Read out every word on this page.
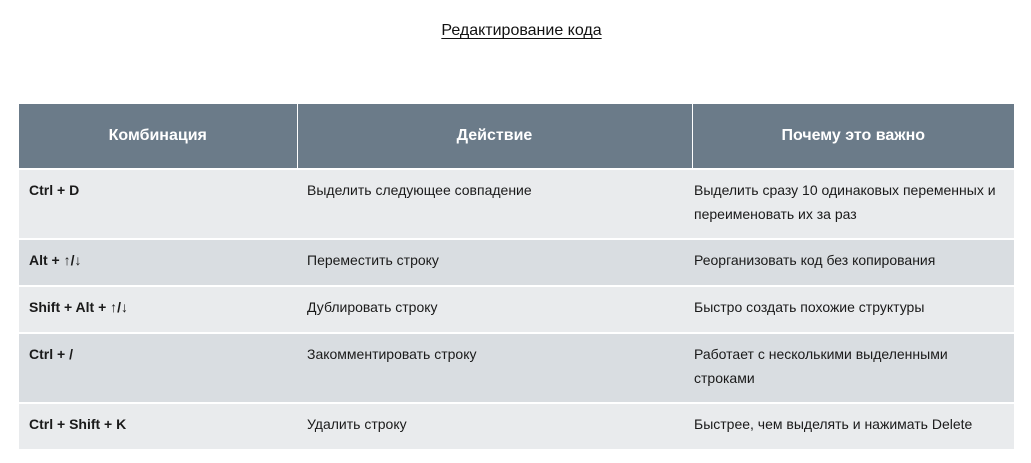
Редактирование кода
Комбинация	Действие	Почему это важно
Ctrl + D	Выделить следующее совпадение	Выделить сразу 10 одинаковых переменных и переименовать их за раз
Alt + ↑/↓	Переместить строку	Реорганизовать код без копирования
Shift + Alt + ↑/↓	Дублировать строку	Быстро создать похожие структуры
Ctrl + /	Закомментировать строку	Работает с несколькими выделенными строками
Ctrl + Shift + K	Удалить строку	Быстрее, чем выделять и нажимать Delete
